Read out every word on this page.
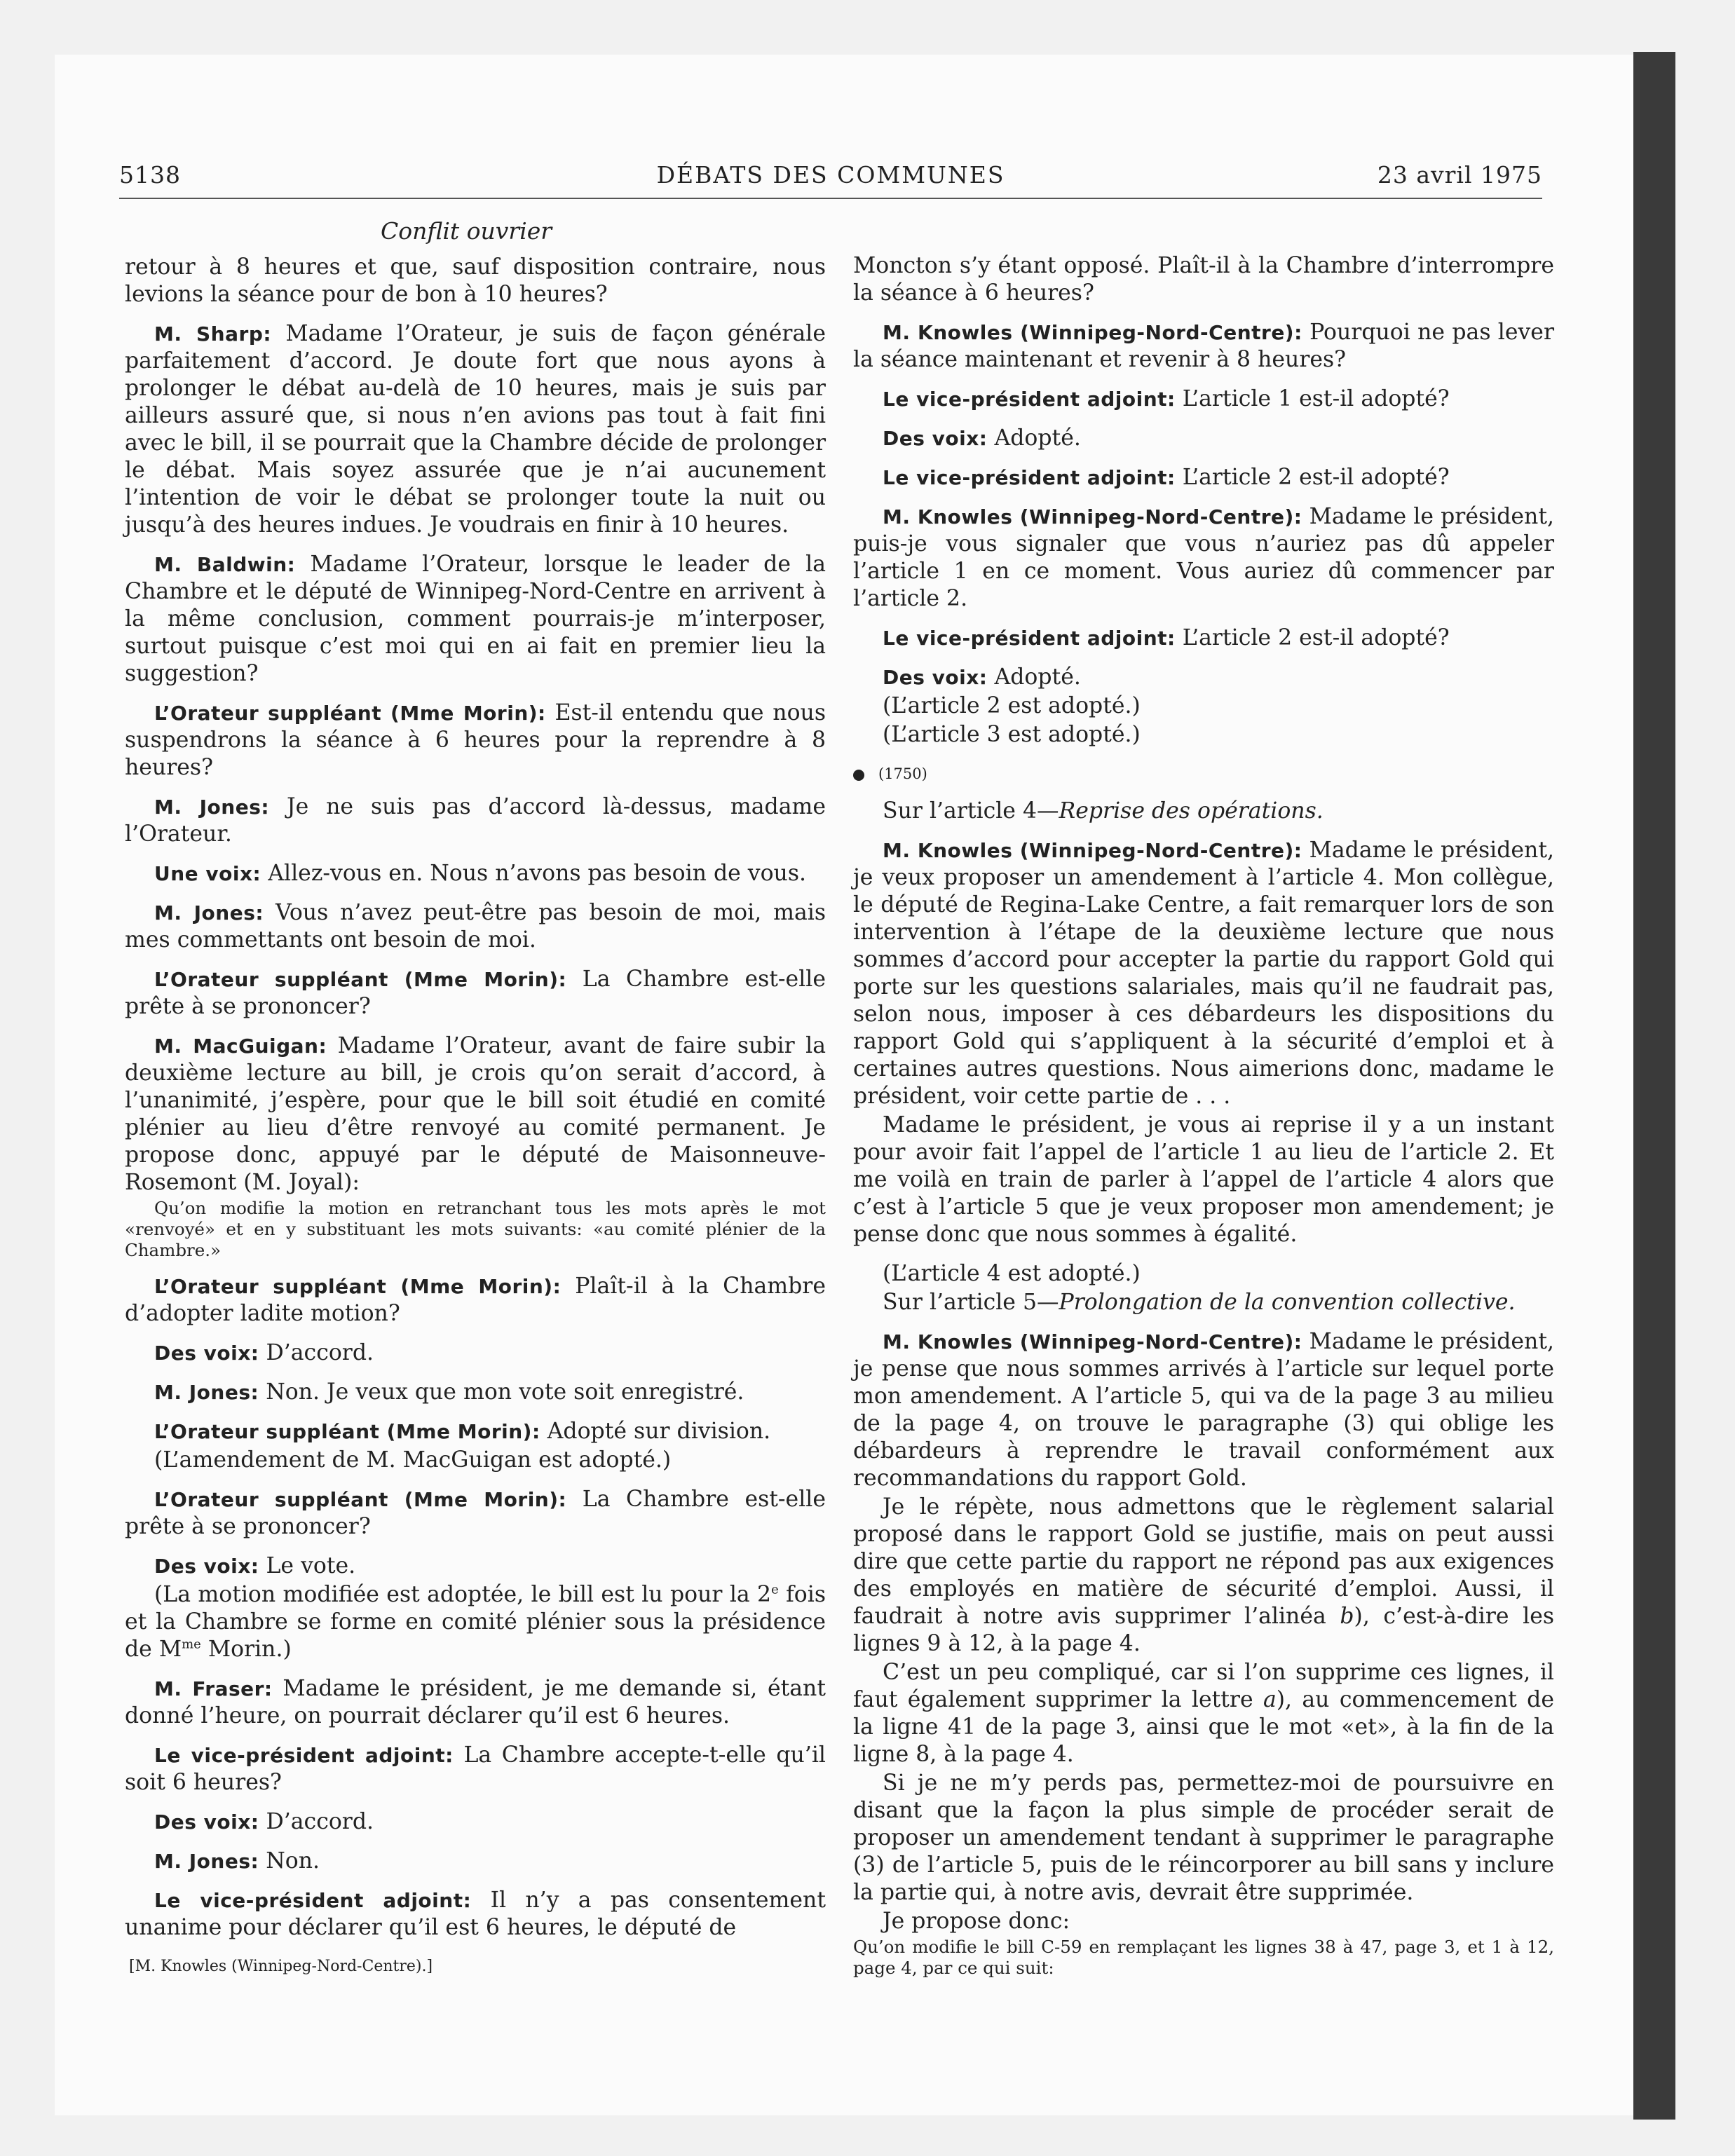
5138	DÉBATS DES COMMUNES	23 avril 1975
Conflit ouvrier

retour à 8 heures et que, sauf disposition contraire, nous levions la séance pour de bon à 10 heures?

M. Sharp: Madame l’Orateur, je suis de façon générale parfaitement d’accord. Je doute fort que nous ayons à prolonger le débat au-delà de 10 heures, mais je suis par ailleurs assuré que, si nous n’en avions pas tout à fait fini avec le bill, il se pourrait que la Chambre décide de prolonger le débat. Mais soyez assurée que je n’ai aucunement l’intention de voir le débat se prolonger toute la nuit ou jusqu’à des heures indues. Je voudrais en finir à 10 heures.

M. Baldwin: Madame l’Orateur, lorsque le leader de la Chambre et le député de Winnipeg-Nord-Centre en arrivent à la même conclusion, comment pourrais-je m’interposer, surtout puisque c’est moi qui en ai fait en premier lieu la suggestion?

L’Orateur suppléant (Mme Morin): Est-il entendu que nous suspendrons la séance à 6 heures pour la reprendre à 8 heures?

M. Jones: Je ne suis pas d’accord là-dessus, madame l’Orateur.

Une voix: Allez-vous en. Nous n’avons pas besoin de vous.

M. Jones: Vous n’avez peut-être pas besoin de moi, mais mes commettants ont besoin de moi.

L’Orateur suppléant (Mme Morin): La Chambre est-elle prête à se prononcer?

M. MacGuigan: Madame l’Orateur, avant de faire subir la deuxième lecture au bill, je crois qu’on serait d’accord, à l’unanimité, j’espère, pour que le bill soit étudié en comité plénier au lieu d’être renvoyé au comité permanent. Je propose donc, appuyé par le député de Maisonneuve-Rosemont (M. Joyal):

Qu’on modifie la motion en retranchant tous les mots après le mot «renvoyé» et en y substituant les mots suivants: «au comité plénier de la Chambre.»

L’Orateur suppléant (Mme Morin): Plaît-il à la Chambre d’adopter ladite motion?

Des voix: D’accord.

M. Jones: Non. Je veux que mon vote soit enregistré.

L’Orateur suppléant (Mme Morin): Adopté sur division.

(L’amendement de M. MacGuigan est adopté.)

L’Orateur suppléant (Mme Morin): La Chambre est-elle prête à se prononcer?

Des voix: Le vote.

(La motion modifiée est adoptée, le bill est lu pour la 2e fois et la Chambre se forme en comité plénier sous la présidence de $M^{me}$ Morin.)

M. Fraser: Madame le président, je me demande si, étant donné l’heure, on pourrait déclarer qu’il est 6 heures.

Le vice-président adjoint: La Chambre accepte-t-elle qu’il soit 6 heures?

Des voix: D’accord.

M. Jones: Non.

Le vice-président adjoint: Il n’y a pas consentement unanime pour déclarer qu’il est 6 heures, le député de

[M. Knowles (Winnipeg-Nord-Centre).]

Moncton s’y étant opposé. Plaît-il à la Chambre d’interrompre la séance à 6 heures?

M. Knowles (Winnipeg-Nord-Centre): Pourquoi ne pas lever la séance maintenant et revenir à 8 heures?

Le vice-président adjoint: L’article 1 est-il adopté?

Des voix: Adopté.

Le vice-président adjoint: L’article 2 est-il adopté?

M. Knowles (Winnipeg-Nord-Centre): Madame le président, puis-je vous signaler que vous n’auriez pas dû appeler l’article 1 en ce moment. Vous auriez dû commencer par l’article 2.

Le vice-président adjoint: L’article 2 est-il adopté?

Des voix: Adopté.

(L’article 2 est adopté.)

(L’article 3 est adopté.)

(1750)

Sur l’article 4—Reprise des opérations.

M. Knowles (Winnipeg-Nord-Centre): Madame le président, je veux proposer un amendement à l’article 4. Mon collègue, le député de Regina-Lake Centre, a fait remarquer lors de son intervention à l’étape de la deuxième lecture que nous sommes d’accord pour accepter la partie du rapport Gold qui porte sur les questions salariales, mais qu’il ne faudrait pas, selon nous, imposer à ces débardeurs les dispositions du rapport Gold qui s’appliquent à la sécurité d’emploi et à certaines autres questions. Nous aimerions donc, madame le président, voir cette partie de . . .

Madame le président, je vous ai reprise il y a un instant pour avoir fait l’appel de l’article 1 au lieu de l’article 2. Et me voilà en train de parler à l’appel de l’article 4 alors que c’est à l’article 5 que je veux proposer mon amendement; je pense donc que nous sommes à égalité.

(L’article 4 est adopté.)

Sur l’article 5—Prolongation de la convention collective.

M. Knowles (Winnipeg-Nord-Centre): Madame le président, je pense que nous sommes arrivés à l’article sur lequel porte mon amendement. A l’article 5, qui va de la page 3 au milieu de la page 4, on trouve le paragraphe (3) qui oblige les débardeurs à reprendre le travail conformément aux recommandations du rapport Gold.

Je le répète, nous admettons que le règlement salarial proposé dans le rapport Gold se justifie, mais on peut aussi dire que cette partie du rapport ne répond pas aux exigences des employés en matière de sécurité d’emploi. Aussi, il faudrait à notre avis supprimer l’alinéa b), c’est-à-dire les lignes 9 à 12, à la page 4.

C’est un peu compliqué, car si l’on supprime ces lignes, il faut également supprimer la lettre a), au commencement de la ligne 41 de la page 3, ainsi que le mot «et», à la fin de la ligne 8, à la page 4.

Si je ne m’y perds pas, permettez-moi de poursuivre en disant que la façon la plus simple de procéder serait de proposer un amendement tendant à supprimer le paragraphe (3) de l’article 5, puis de le réincorporer au bill sans y inclure la partie qui, à notre avis, devrait être supprimée.

Je propose donc:

Qu’on modifie le bill C-59 en remplaçant les lignes 38 à 47, page 3, et 1 à 12, page 4, par ce qui suit:
